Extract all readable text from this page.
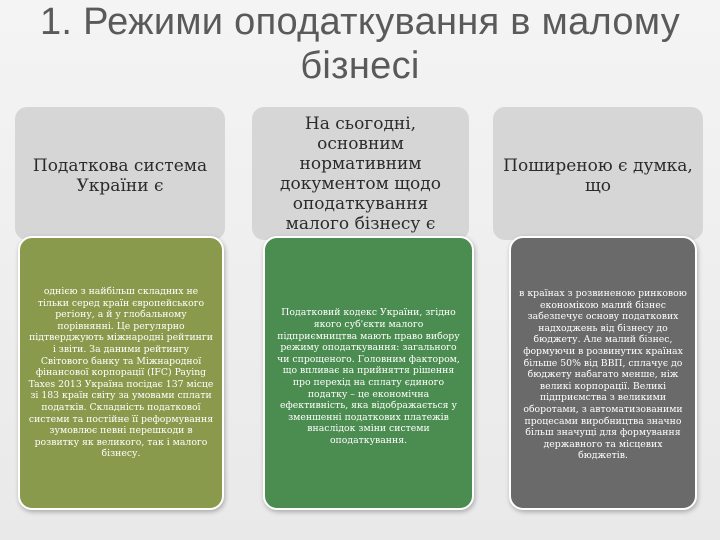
1. Режими оподаткування в малому
бізнесі
Податкова система України є
На сьогодні, основним нормативним документом щодо оподаткування малого бізнесу є
Поширеною є думка, що
однією з найбільш складних не тільки серед країн європейського регіону, а й у глобальному порівнянні. Це регулярно підтверджують міжнародні рейтинги і звіти. За даними рейтингу Світового банку та Міжнародної фінансової корпорації (IFC) Paying Taxes 2013 Україна посідає 137 місце зі 183 країн світу за умовами сплати податків. Складність податкової системи та постійне її реформування зумовлює певні перешкоди в розвитку як великого, так і малого бізнесу.
Податковий кодекс України, згідно якого суб'єкти малого підприємництва мають право вибору режиму оподаткування: загального чи спрощеного. Головним фактором, що впливає на прийняття рішення про перехід на сплату єдиного податку – це економічна ефективність, яка відображається у зменшенні податкових платежів внаслідок зміни системи оподаткування.
в країнах з розвиненою ринковою економікою малий бізнес забезпечує основу податкових надходжень від бізнесу до бюджету. Але малий бізнес, формуючи в розвинутих країнах більше 50% від ВВП, сплачує до бюджету набагато менше, ніж великі корпорації. Великі підприємства з великими оборотами, з автоматизованими процесами виробництва значно більш значущі для формування державного та місцевих бюджетів.
